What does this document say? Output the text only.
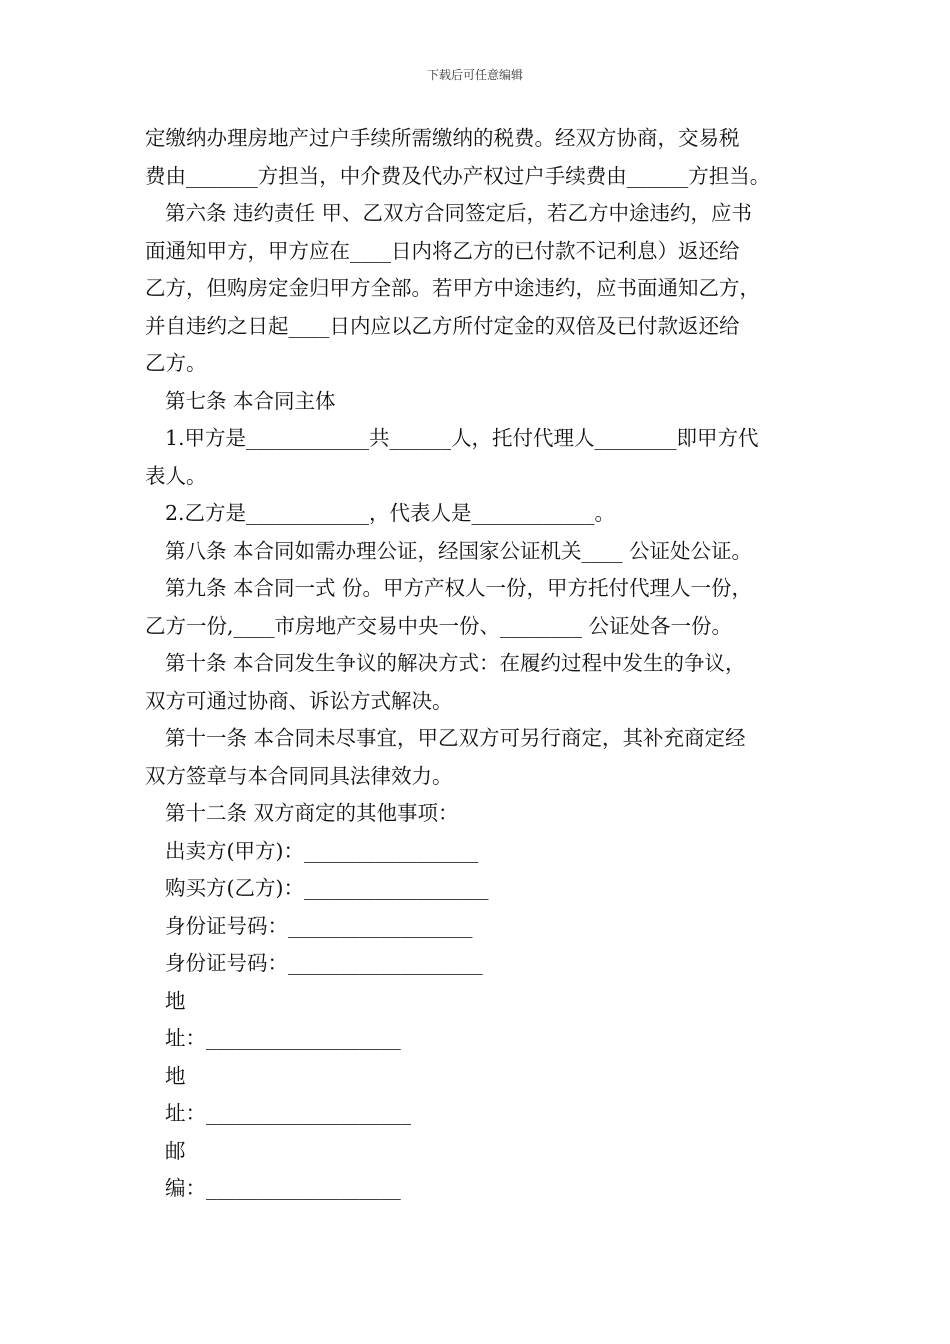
下载后可任意编辑

定缴纳办理房地产过户手续所需缴纳的税费。经双方协商，交易税

费由_______方担当，中介费及代办产权过户手续费由______方担当。

第六条 违约责任 甲、乙双方合同签定后，若乙方中途违约，应书

面通知甲方，甲方应在____日内将乙方的已付款不记利息）返还给

乙方，但购房定金归甲方全部。若甲方中途违约，应书面通知乙方，

并自违约之日起____日内应以乙方所付定金的双倍及已付款返还给

乙方。

第七条 本合同主体

1.甲方是____________共______人，托付代理人________即甲方代

表人。

2.乙方是____________，代表人是____________。

第八条 本合同如需办理公证，经国家公证机关____ 公证处公证。

第九条 本合同一式 份。甲方产权人一份，甲方托付代理人一份，

乙方一份,____市房地产交易中央一份、________ 公证处各一份。

第十条 本合同发生争议的解决方式：在履约过程中发生的争议，

双方可通过协商、诉讼方式解决。

第十一条 本合同未尽事宜，甲乙双方可另行商定，其补充商定经

双方签章与本合同同具法律效力。

第十二条 双方商定的其他事项：

出卖方(甲方)：_________________

购买方(乙方)：__________________

身份证号码：__________________

身份证号码：___________________

地

址：___________________

地

址：____________________

邮

编：___________________
